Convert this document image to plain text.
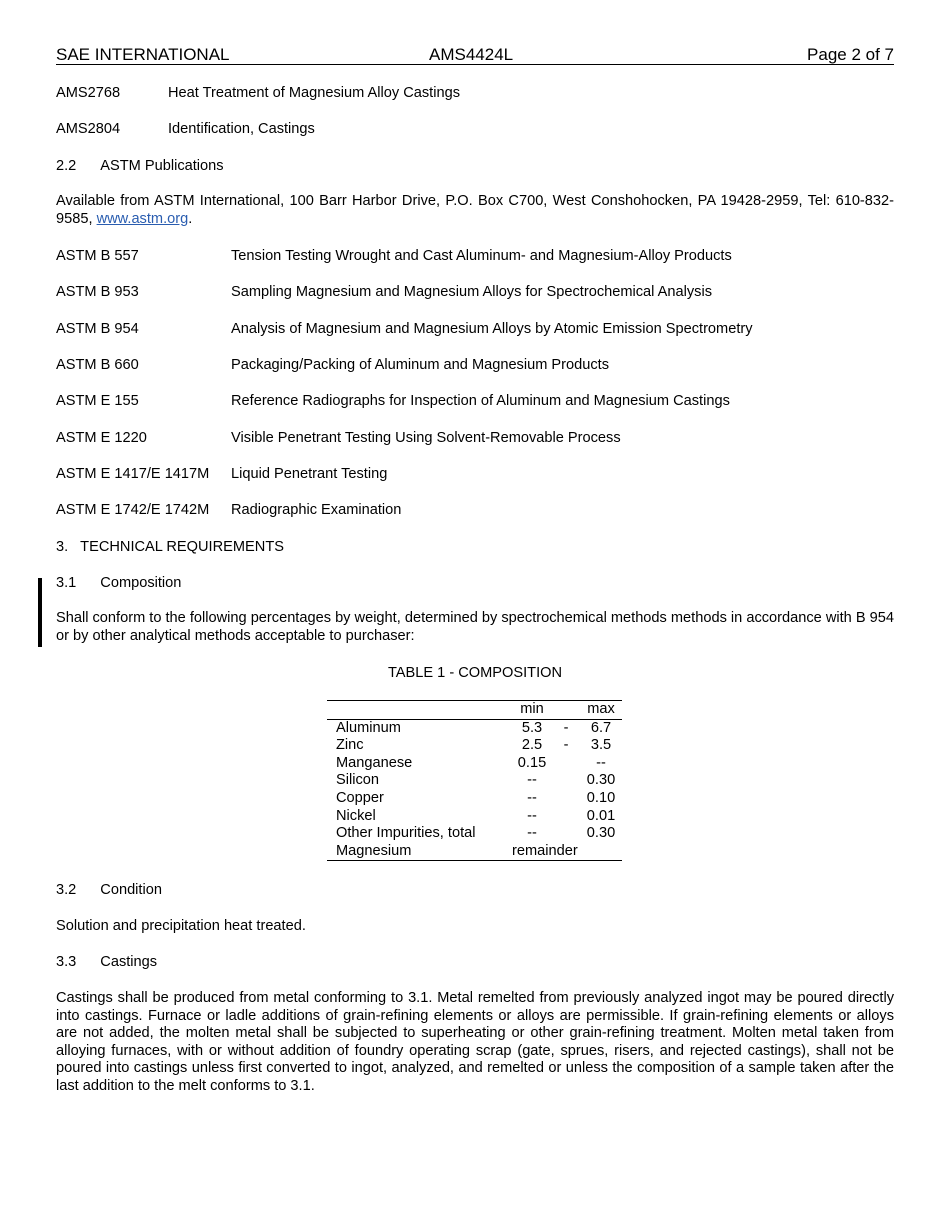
SAE INTERNATIONAL	AMS4424L	Page 2 of 7
AMS2768	Heat Treatment of Magnesium Alloy Castings
AMS2804	Identification, Castings
2.2 ASTM Publications
Available from ASTM International, 100 Barr Harbor Drive, P.O. Box C700, West Conshohocken, PA 19428-2959, Tel: 610-832-9585, www.astm.org.
ASTM B 557	Tension Testing Wrought and Cast Aluminum- and Magnesium-Alloy Products
ASTM B 953	Sampling Magnesium and Magnesium Alloys for Spectrochemical Analysis
ASTM B 954	Analysis of Magnesium and Magnesium Alloys by Atomic Emission Spectrometry
ASTM B 660	Packaging/Packing of Aluminum and Magnesium Products
ASTM E 155	Reference Radiographs for Inspection of Aluminum and Magnesium Castings
ASTM E 1220	Visible Penetrant Testing Using Solvent-Removable Process
ASTM E 1417/E 1417M Liquid Penetrant Testing
ASTM E 1742/E 1742M Radiographic Examination
3. TECHNICAL REQUIREMENTS
3.1 Composition
Shall conform to the following percentages by weight, determined by spectrochemical methods methods in accordance with B 954 or by other analytical methods acceptable to purchaser:
TABLE 1 - COMPOSITION
	min		max
Aluminum	5.3	-	6.7
Zinc	2.5	-	3.5
Manganese	0.15		--
Silicon	--		0.30
Copper	--		0.10
Nickel	--		0.01
Other Impurities, total	--		0.30
Magnesium	remainder		
3.2 Condition
Solution and precipitation heat treated.
3.3 Castings
Castings shall be produced from metal conforming to 3.1. Metal remelted from previously analyzed ingot may be poured directly into castings. Furnace or ladle additions of grain-refining elements or alloys are permissible. If grain-refining elements or alloys are not added, the molten metal shall be subjected to superheating or other grain-refining treatment. Molten metal taken from alloying furnaces, with or without addition of foundry operating scrap (gate, sprues, risers, and rejected castings), shall not be poured into castings unless first converted to ingot, analyzed, and remelted or unless the composition of a sample taken after the last addition to the melt conforms to 3.1.
